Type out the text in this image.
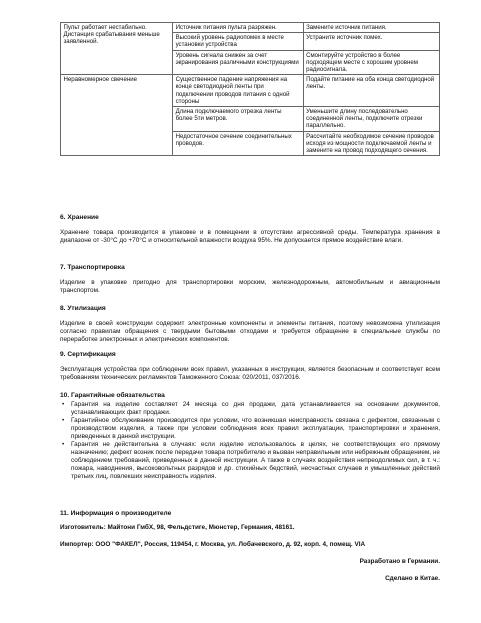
Пульт работает нестабильно. Дистанция срабатывания меньше заявленной.	Источник питания пульта разряжен.	Замените источник питания.
	Высокий уровень радиопомех в месте установки устройства	Устраните источник помех.
	Уровень сигнала снижен за счет экранирования различными конструкциями	Смонтируйте устройство в более подходящем месте с хорошим уровнем радиосигнала.
Неравномерное свечение	Существенное падение напряжения на конце светодиодной ленты при подключении проводов питания с одной стороны	Подайте питание на оба конца светодиодной ленты.
	Длина подключаемого отрезка ленты более 5ти метров.	Уменьшите длину последовательно соединенной ленты, подключите отрезки параллельно.
	Недостаточное сечение соединительных проводов.	Рассчитайте необходимое сечение проводов исходя из мощности подключаемой ленты и замените на провод подходящего сечения.
6. Хранение
Хранение товара производится в упаковке и в помещении в отсутствии агрессивной среды. Температура хранения в диапазоне от -30°C до +70°C и относительной влажности воздуха 95%. Не допускается прямое воздействие влаги.
7. Транспортировка
Изделие в упаковке пригодно для транспортировки морским, железнодорожным, автомобильным и авиационным транспортом.
8. Утилизация
Изделие в своей конструкции содержит электронные компоненты и элементы питания, поэтому невозможна утилизация согласно правилам обращения с твердыми бытовыми отходами и требуется обращение в специальные службы по переработке электронных и электрических компонентов.
9. Сертификация
Эксплуатация устройства при соблюдении всех правил, указанных в инструкции, является безопасным и соответствует всем требованиям технических регламентов Таможенного Союза: 020/2011, 037/2016.
10. Гарантийные обязательства
• Гарантия на изделие составляет 24 месяца со дня продажи, дата устанавливается на основании документов, устанавливающих факт продажи.
• Гарантийное обслуживание производится при условии, что возникшая неисправность связана с дефектом, связанным с производством изделия, а также при условии соблюдения всех правил эксплуатации, транспортировки и хранения, приведенных в данной инструкции.
• Гарантия не действительна в случаях: если изделие использовалось в целях, не соответствующих его прямому назначению; дефект возник после передачи товара потребителю и вызван неправильным или небрежным обращением, не соблюдением требований, приведенных в данной инструкции. А также в случаях воздействия непреодолимых сил, в т. ч.: пожара, наводнения, высоковольтных разрядов и др. стихийных бедствий, несчастных случаев и умышленных действий третьих лиц, повлекших неисправность изделия.
11. Информация о производителе
Изготовитель: Майтони ГмбХ, 98, Фельдстиге, Мюнстер, Германия, 48161.
Импортер: ООО "ФАКЕЛ", Россия, 119454, г. Москва, ул. Лобачевского, д. 92, корп. 4, помещ. VIA
Разработано в Германии.
Сделано в Китае.
